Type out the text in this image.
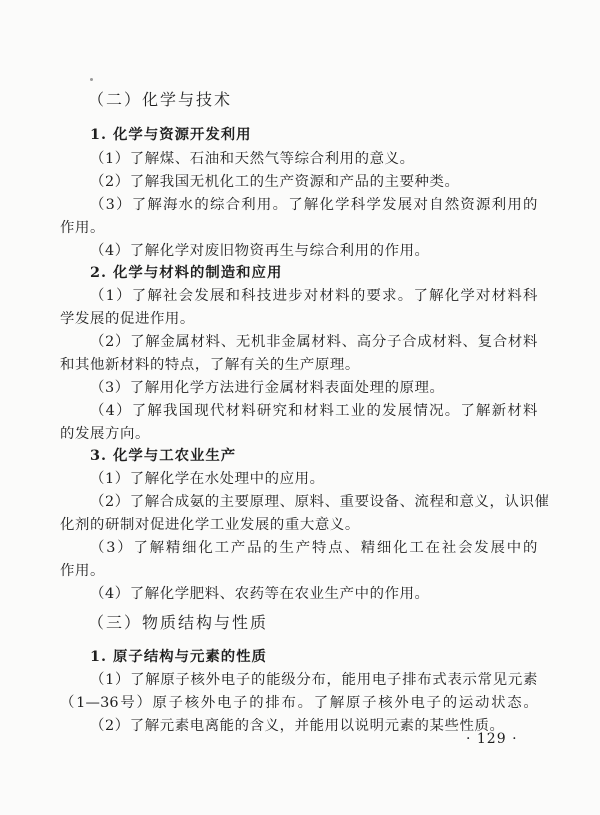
（二）化学与技术
1. 化学与资源开发利用
（1）了解煤、石油和天然气等综合利用的意义。
（2）了解我国无机化工的生产资源和产品的主要种类。
（3）了解海水的综合利用。了解化学科学发展对自然资源利用的
作用。
（4）了解化学对废旧物资再生与综合利用的作用。
2. 化学与材料的制造和应用
（1）了解社会发展和科技进步对材料的要求。了解化学对材料科
学发展的促进作用。
（2）了解金属材料、无机非金属材料、高分子合成材料、复合材料
和其他新材料的特点，了解有关的生产原理。
（3）了解用化学方法进行金属材料表面处理的原理。
（4）了解我国现代材料研究和材料工业的发展情况。了解新材料
的发展方向。
3. 化学与工农业生产
（1）了解化学在水处理中的应用。
（2）了解合成氨的主要原理、原料、重要设备、流程和意义，认识催
化剂的研制对促进化学工业发展的重大意义。
（3）了解精细化工产品的生产特点、精细化工在社会发展中的
作用。
（4）了解化学肥料、农药等在农业生产中的作用。
（三）物质结构与性质
1. 原子结构与元素的性质
（1）了解原子核外电子的能级分布，能用电子排布式表示常见元素
（1—36号）原子核外电子的排布。了解原子核外电子的运动状态。
（2）了解元素电离能的含义，并能用以说明元素的某些性质。
· 129 ·
